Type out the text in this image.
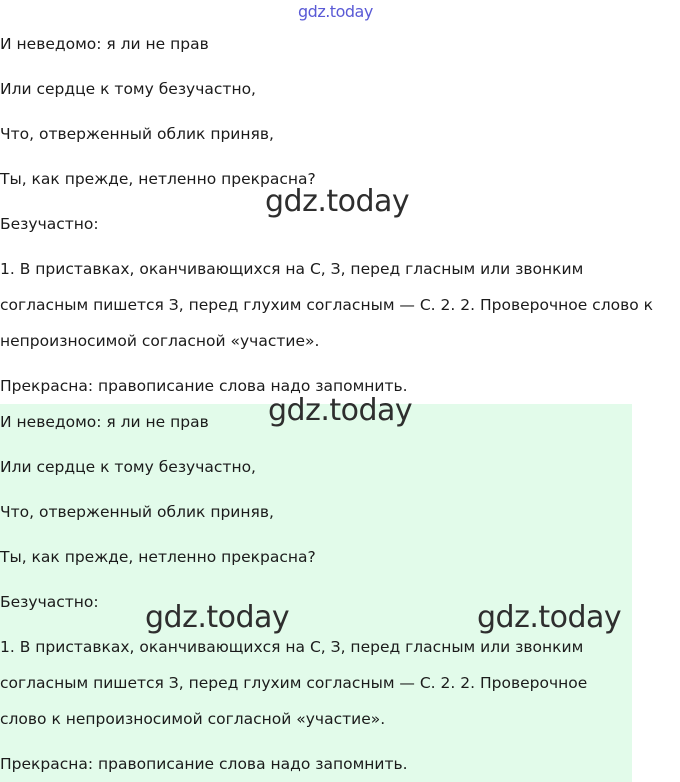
gdz.today
И неведомо: я ли не прав
Или сердце к тому безучастно,
Что, отверженный облик приняв,
Ты, как прежде, нетленно прекрасна?
Безучастно:
1. В приставках, оканчивающихся на С, З, перед гласным или звонким
согласным пишется З, перед глухим согласным — С. 2. 2. Проверочное слово к
непроизносимой согласной «участие».
Прекрасна: правописание слова надо запомнить.
И неведомо: я ли не прав
Или сердце к тому безучастно,
Что, отверженный облик приняв,
Ты, как прежде, нетленно прекрасна?
Безучастно:
1. В приставках, оканчивающихся на С, З, перед гласным или звонким
согласным пишется З, перед глухим согласным — С. 2. 2. Проверочное
слово к непроизносимой согласной «участие».
Прекрасна: правописание слова надо запомнить.
gdz.today
gdz.today
gdz.today	gdz.today
